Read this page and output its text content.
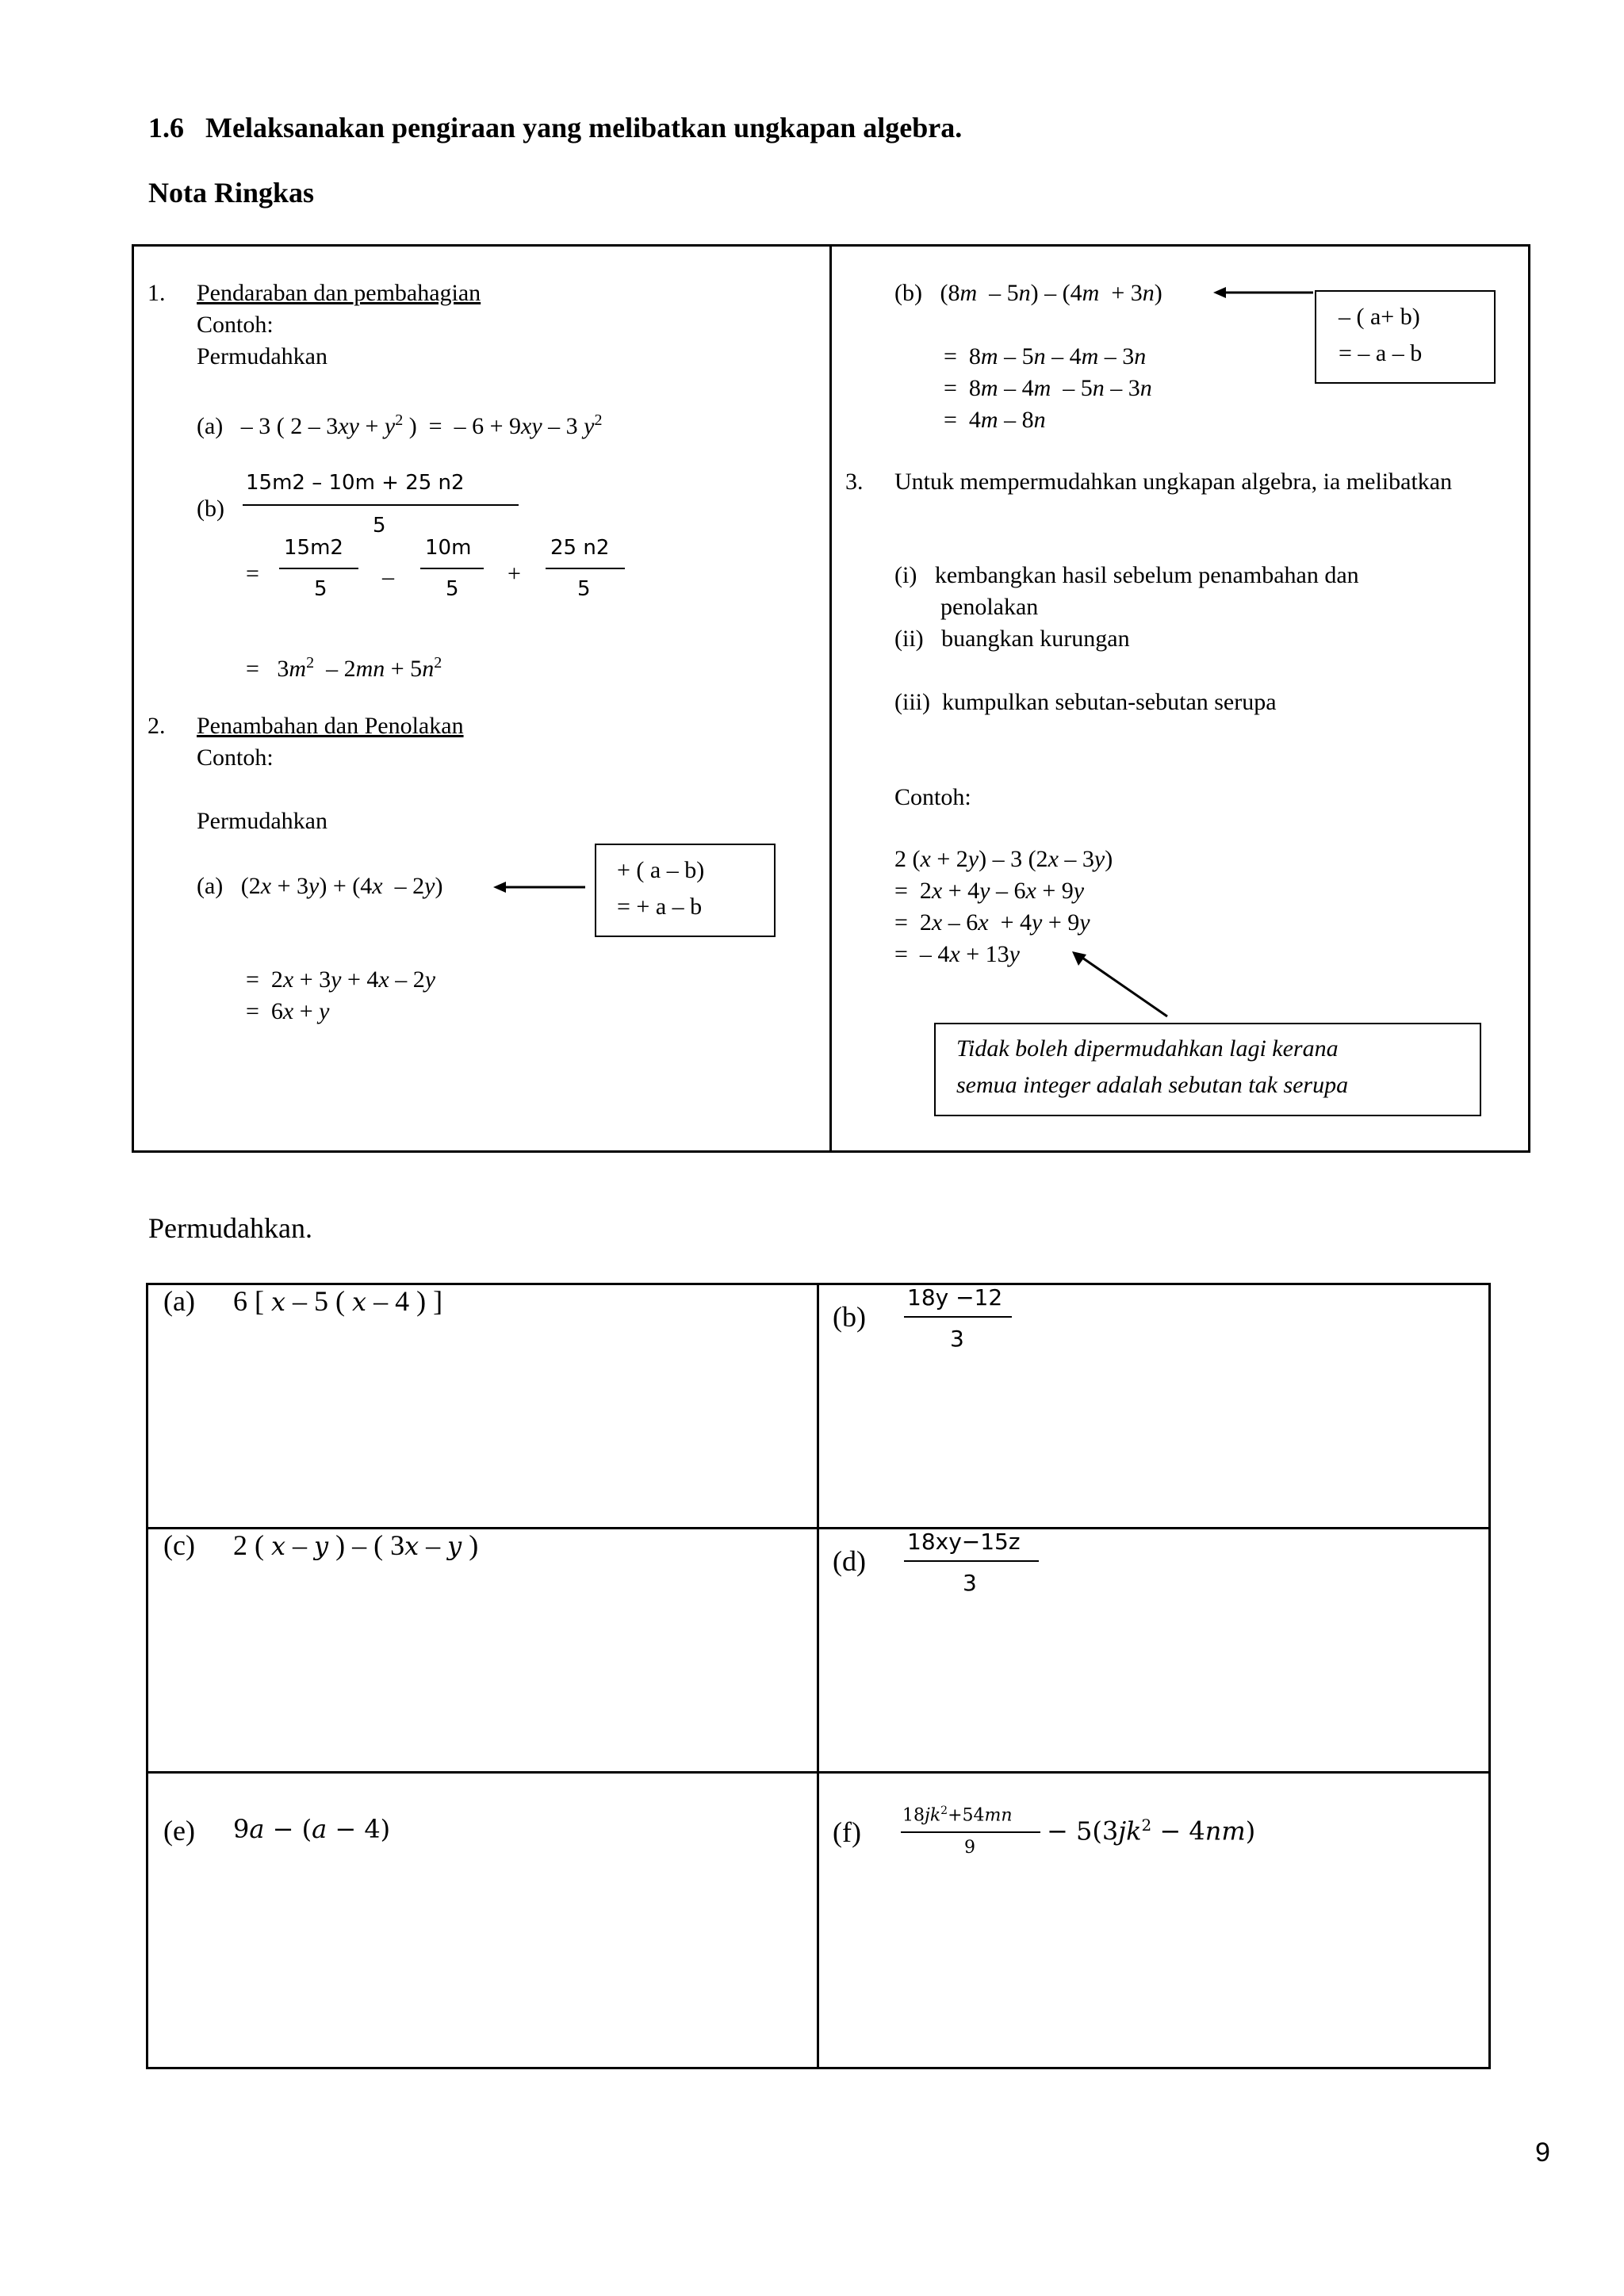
1.6 Melaksanakan pengiraan yang melibatkan ungkapan algebra.
Nota Ringkas
1. Pendaraban dan pembahagian
Contoh:
Permudahkan
(a)   – 3 ( $2 - 3xy + y^2$ )  =  – 6 + 9xy – 3 $y^2$
(b)
15m2 – 10m + 25 n2
5
=
15m2
5 –
10m
5
+
25 n2
5
=   $3m^2 - 2mn + 5n^2$
2. Penambahan dan Penolakan
Contoh:
Permudahkan
(a)   (2x + 3y) + (4x  – 2y)
+ ( a – b)
= + a – b
=  2x + 3y + 4x – 2y
=  6x + y
(b)   (8m  – 5n) – (4m  + 3n)
– ( a+ b)
= – a – b
=  8m – 5n – 4m – 3n
=  8m – 4m  – 5n – 3n
=  4m – 8n
3. Untuk mempermudahkan ungkapan algebra, ia melibatkan
(i) kembangkan hasil sebelum penambahan dan
penolakan
(ii) buangkan kurungan
(iii) kumpulkan sebutan-sebutan serupa
Contoh:
2 (x + 2y) – 3 (2x – 3y)
=  2x + 4y – 6x + 9y
=  2x – 6x  + 4y + 9y
=  – 4x + 13y
Tidak boleh dipermudahkan lagi kerana
semua integer adalah sebutan tak serupa
Permudahkan.
(a) 6 [ x – 5 ( x – 4 ) ]	(b)
18y −12
3
(c) 2 ( x – y ) – ( 3x – y )	(d)
18xy−15z
3
(e) 9a − (a − 4)	(f)
$18jk^2+54mn$
9
− $5(3jk^2 - 4nm)$
9
